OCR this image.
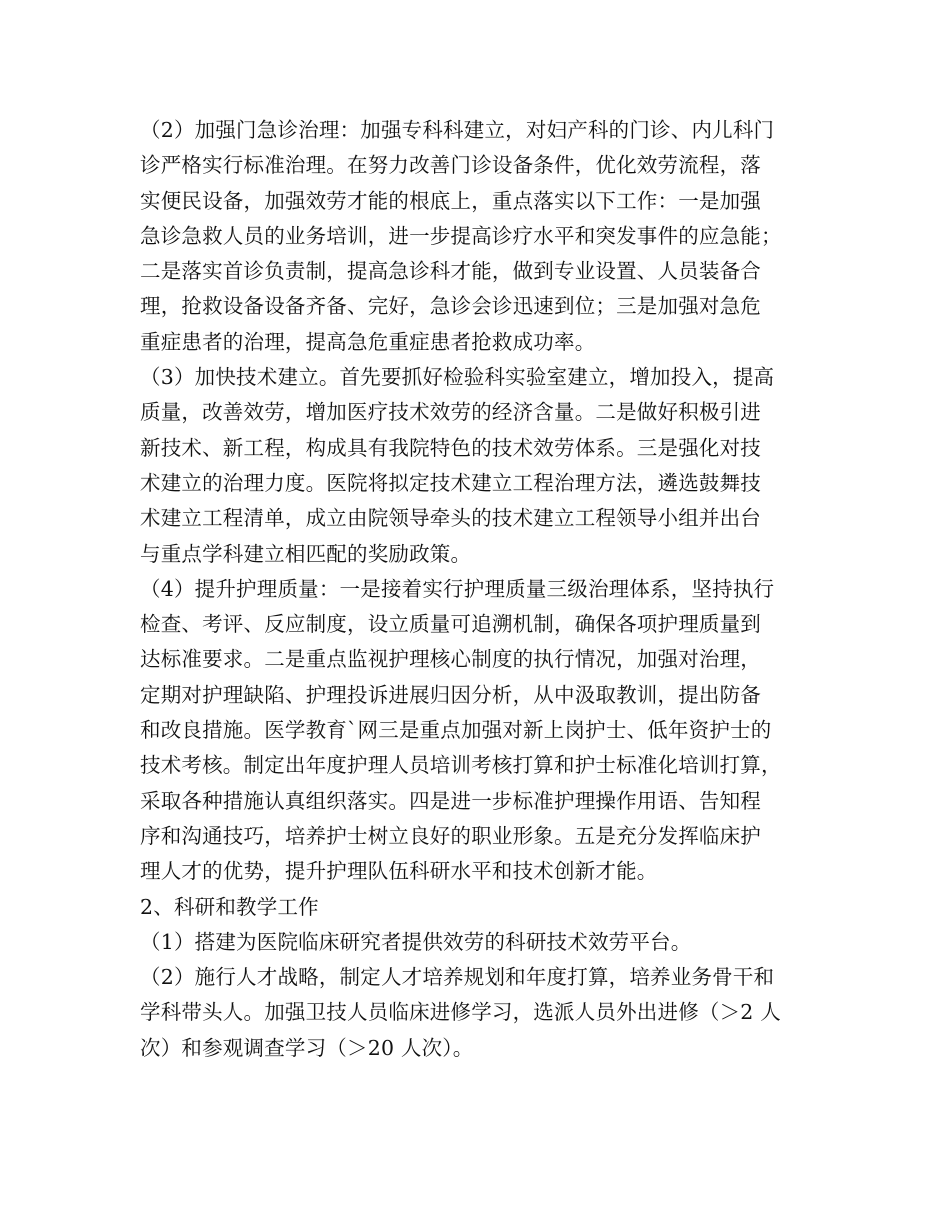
（2）加强门急诊治理：加强专科科建立，对妇产科的门诊、内儿科门
诊严格实行标准治理。在努力改善门诊设备条件，优化效劳流程，落
实便民设备，加强效劳才能的根底上，重点落实以下工作：一是加强
急诊急救人员的业务培训，进一步提高诊疗水平和突发事件的应急能；
二是落实首诊负责制，提高急诊科才能，做到专业设置、人员装备合
理，抢救设备设备齐备、完好，急诊会诊迅速到位；三是加强对急危
重症患者的治理，提高急危重症患者抢救成功率。
（3）加快技术建立。首先要抓好检验科实验室建立，增加投入，提高
质量，改善效劳，增加医疗技术效劳的经济含量。二是做好积极引进
新技术、新工程，构成具有我院特色的技术效劳体系。三是强化对技
术建立的治理力度。医院将拟定技术建立工程治理方法，遴选鼓舞技
术建立工程清单，成立由院领导牵头的技术建立工程领导小组并出台
与重点学科建立相匹配的奖励政策。
（4）提升护理质量：一是接着实行护理质量三级治理体系，坚持执行
检查、考评、反应制度，设立质量可追溯机制，确保各项护理质量到
达标准要求。二是重点监视护理核心制度的执行情况，加强对治理，
定期对护理缺陷、护理投诉进展归因分析，从中汲取教训，提出防备
和改良措施。医学教育`网三是重点加强对新上岗护士、低年资护士的
技术考核。制定出年度护理人员培训考核打算和护士标准化培训打算，
采取各种措施认真组织落实。四是进一步标准护理操作用语、告知程
序和沟通技巧，培养护士树立良好的职业形象。五是充分发挥临床护
理人才的优势，提升护理队伍科研水平和技术创新才能。
2、科研和教学工作
（1）搭建为医院临床研究者提供效劳的科研技术效劳平台。
（2）施行人才战略，制定人才培养规划和年度打算，培养业务骨干和
学科带头人。加强卫技人员临床进修学习，选派人员外出进修（＞2 人
次）和参观调查学习（＞20 人次）。
